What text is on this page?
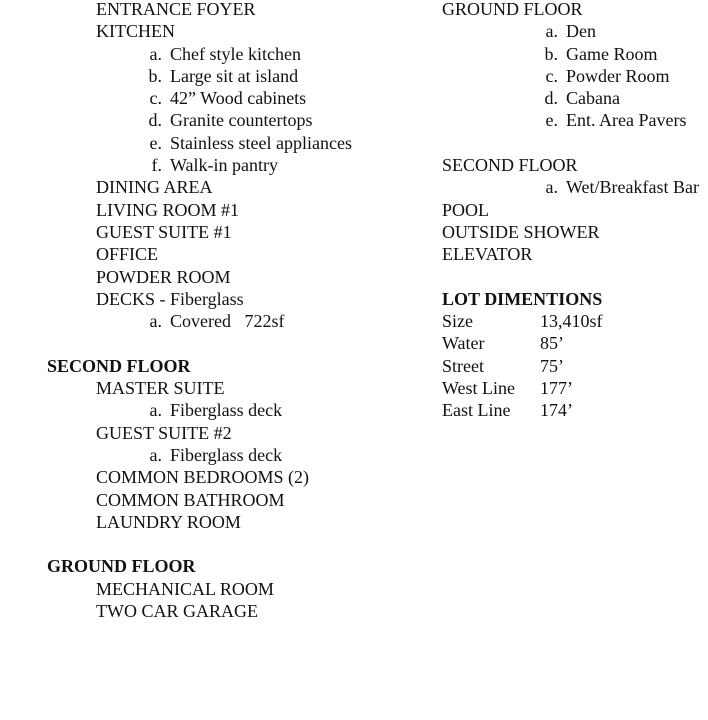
ENTRANCE FOYER
KITCHEN
a. Chef style kitchen
b. Large sit at island
c. 42” Wood cabinets
d. Granite countertops
e. Stainless steel appliances
f. Walk-in pantry
DINING AREA
LIVING ROOM #1
GUEST SUITE #1
OFFICE
POWDER ROOM
DECKS - Fiberglass
a. Covered   722sf
SECOND FLOOR
MASTER SUITE
a. Fiberglass deck
GUEST SUITE #2
a. Fiberglass deck
COMMON BEDROOMS (2)
COMMON BATHROOM
LAUNDRY ROOM
GROUND FLOOR
MECHANICAL ROOM
TWO CAR GARAGE
GROUND FLOOR
a. Den
b. Game Room
c. Powder Room
d. Cabana
e. Ent. Area Pavers
SECOND FLOOR
a. Wet/Breakfast Bar
POOL
OUTSIDE SHOWER
ELEVATOR
LOT DIMENTIONS
Size	13,410sf
Water	85’
Street	75’
West Line 177’
East Line 174’
